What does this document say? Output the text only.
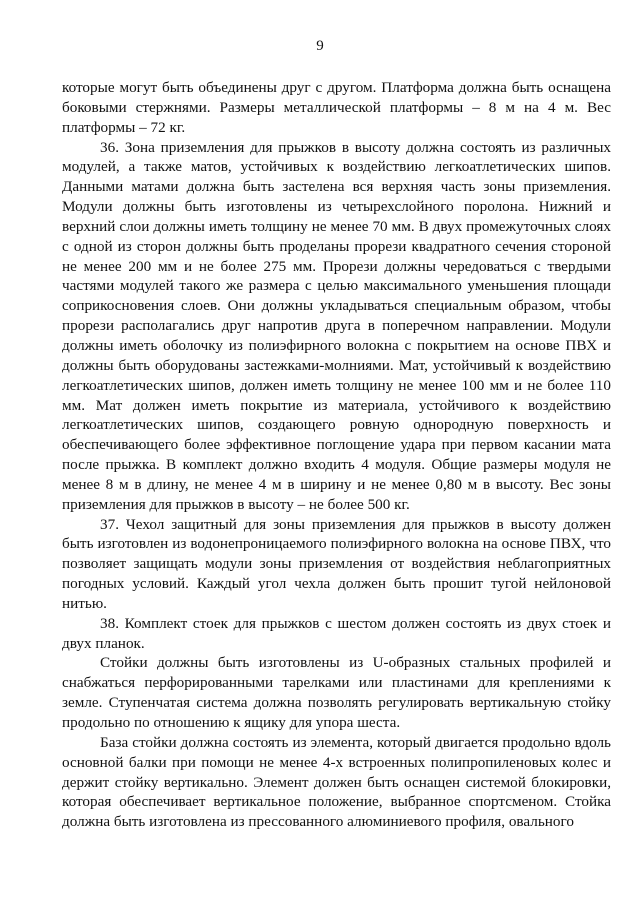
9

которые могут быть объединены друг с другом. Платформа должна быть оснащена боковыми стержнями. Размеры металлической платформы – 8 м на 4 м. Вес платформы – 72 кг.

36. Зона приземления для прыжков в высоту должна состоять из различных модулей, а также матов, устойчивых к воздействию легкоатлетических шипов. Данными матами должна быть застелена вся верхняя часть зоны приземления. Модули должны быть изготовлены из четырехслойного поролона. Нижний и верхний слои должны иметь толщину не менее 70 мм. В двух промежуточных слоях с одной из сторон должны быть проделаны прорези квадратного сечения стороной не менее 200 мм и не более 275 мм. Прорези должны чередоваться с твердыми частями модулей такого же размера с целью максимального уменьшения площади соприкосновения слоев. Они должны укладываться специальным образом, чтобы прорези располагались друг напротив друга в поперечном направлении. Модули должны иметь оболочку из полиэфирного волокна с покрытием на основе ПВХ и должны быть оборудованы застежками-молниями. Мат, устойчивый к воздействию легкоатлетических шипов, должен иметь толщину не менее 100 мм и не более 110 мм. Мат должен иметь покрытие из материала, устойчивого к воздействию легкоатлетических шипов, создающего ровную однородную поверхность и обеспечивающего более эффективное поглощение удара при первом касании мата после прыжка. В комплект должно входить 4 модуля. Общие размеры модуля не менее 8 м в длину, не менее 4 м в ширину и не менее 0,80 м в высоту. Вес зоны приземления для прыжков в высоту – не более 500 кг.

37. Чехол защитный для зоны приземления для прыжков в высоту должен быть изготовлен из водонепроницаемого полиэфирного волокна на основе ПВХ, что позволяет защищать модули зоны приземления от воздействия неблагоприятных погодных условий. Каждый угол чехла должен быть прошит тугой нейлоновой нитью.

38. Комплект стоек для прыжков с шестом должен состоять из двух стоек и двух планок.

Стойки должны быть изготовлены из U-образных стальных профилей и снабжаться перфорированными тарелками или пластинами для креплениями к земле. Ступенчатая система должна позволять регулировать вертикальную стойку продольно по отношению к ящику для упора шеста.

База стойки должна состоять из элемента, который двигается продольно вдоль основной балки при помощи не менее 4-х встроенных полипропиленовых колес и держит стойку вертикально. Элемент должен быть оснащен системой блокировки, которая обеспечивает вертикальное положение, выбранное спортсменом. Стойка должна быть изготовлена из прессованного алюминиевого профиля, овального
